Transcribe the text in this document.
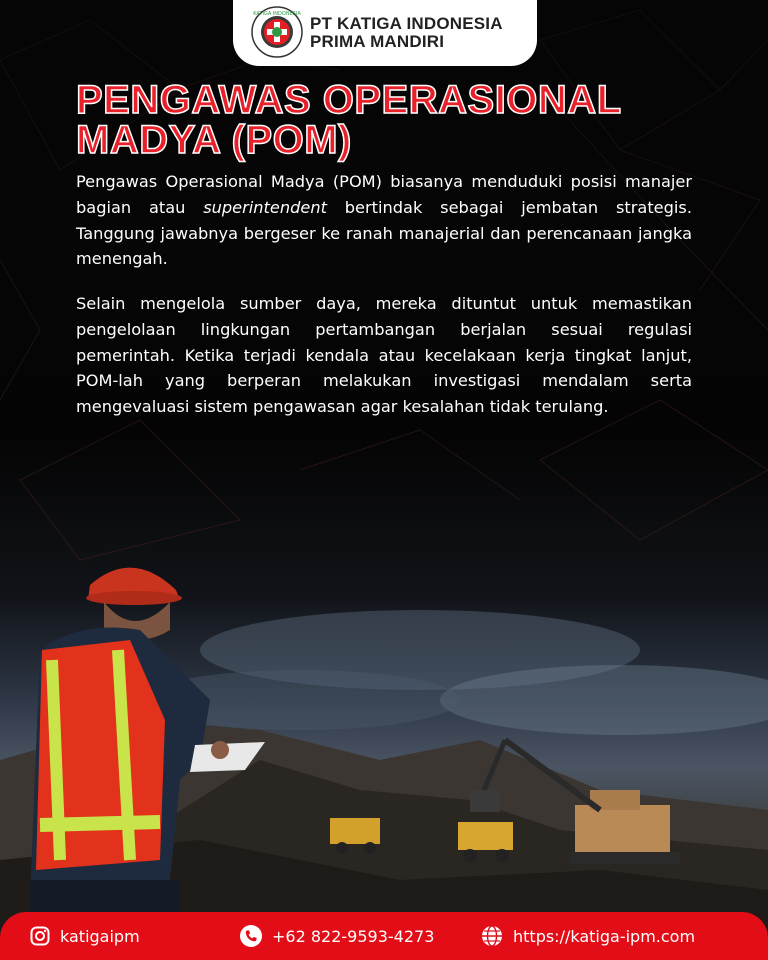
KATIGA INDONESIA PT KATIGA INDONESIA
PRIMA MANDIRI
PENGAWAS OPERASIONAL
MADYA (POM)

Pengawas Operasional Madya (POM) biasanya menduduki posisi manajer bagian atau superintendent bertindak sebagai jembatan strategis. Tanggung jawabnya bergeser ke ranah manajerial dan perencanaan jangka menengah.

Selain mengelola sumber daya, mereka dituntut untuk memastikan pengelolaan lingkungan pertambangan berjalan sesuai regulasi pemerintah. Ketika terjadi kendala atau kecelakaan kerja tingkat lanjut, POM-lah yang berperan melakukan investigasi mendalam serta mengevaluasi sistem pengawasan agar kesalahan tidak terulang.

katigaipm	+62 822-9593-4273	https://katiga-ipm.com
